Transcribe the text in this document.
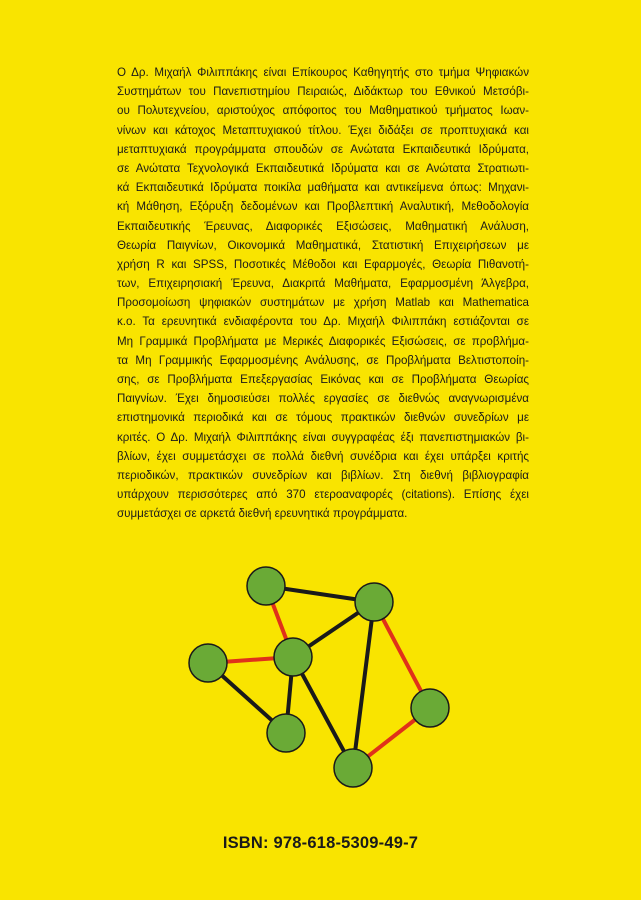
Ο Δρ. Μιχαήλ Φιλιππάκης είναι Επίκουρος Καθηγητής στο τμήμα Ψηφιακών
Συστημάτων του Πανεπιστημίου Πειραιώς, Διδάκτωρ του Εθνικού Μετσόβι-
ου Πολυτεχνείου, αριστούχος απόφοιτος του Μαθηματικού τμήματος Ιωαν-
νίνων και κάτοχος Μεταπτυχιακού τίτλου. Έχει διδάξει σε προπτυχιακά και
μεταπτυχιακά προγράμματα σπουδών σε Ανώτατα Εκπαιδευτικά Ιδρύματα,
σε Ανώτατα Τεχνολογικά Εκπαιδευτικά Ιδρύματα και σε Ανώτατα Στρατιωτι-
κά Εκπαιδευτικά Ιδρύματα ποικίλα μαθήματα και αντικείμενα όπως: Μηχανι-
κή Μάθηση, Εξόρυξη δεδομένων και Προβλεπτική Αναλυτική, Μεθοδολογία
Εκπαιδευτικής Έρευνας, Διαφορικές Εξισώσεις, Μαθηματική Ανάλυση,
Θεωρία Παιγνίων, Οικονομικά Μαθηματικά, Στατιστική Επιχειρήσεων με
χρήση R και SPSS, Ποσοτικές Μέθοδοι και Εφαρμογές, Θεωρία Πιθανοτή-
των, Επιχειρησιακή Έρευνα, Διακριτά Μαθήματα, Εφαρμοσμένη Άλγεβρα,
Προσομοίωση ψηφιακών συστημάτων με χρήση Matlab και Mathematica
κ.ο. Τα ερευνητικά ενδιαφέροντα του Δρ. Μιχαήλ Φιλιππάκη εστιάζονται σε
Μη Γραμμικά Προβλήματα με Μερικές Διαφορικές Εξισώσεις, σε προβλήμα-
τα Μη Γραμμικής Εφαρμοσμένης Ανάλυσης, σε Προβλήματα Βελτιστοποίη-
σης, σε Προβλήματα Επεξεργασίας Εικόνας και σε Προβλήματα Θεωρίας
Παιγνίων. Έχει δημοσιεύσει πολλές εργασίες σε διεθνώς αναγνωρισμένα
επιστημονικά περιοδικά και σε τόμους πρακτικών διεθνών συνεδρίων με
κριτές. Ο Δρ. Μιχαήλ Φιλιππάκης είναι συγγραφέας έξι πανεπιστημιακών βι-
βλίων, έχει συμμετάσχει σε πολλά διεθνή συνέδρια και έχει υπάρξει κριτής
περιοδικών, πρακτικών συνεδρίων και βιβλίων. Στη διεθνή βιβλιογραφία
υπάρχουν περισσότερες από 370 ετεροαναφορές (citations). Επίσης έχει
συμμετάσχει σε αρκετά διεθνή ερευνητικά προγράμματα.
ISBN: 978-618-5309-49-7
